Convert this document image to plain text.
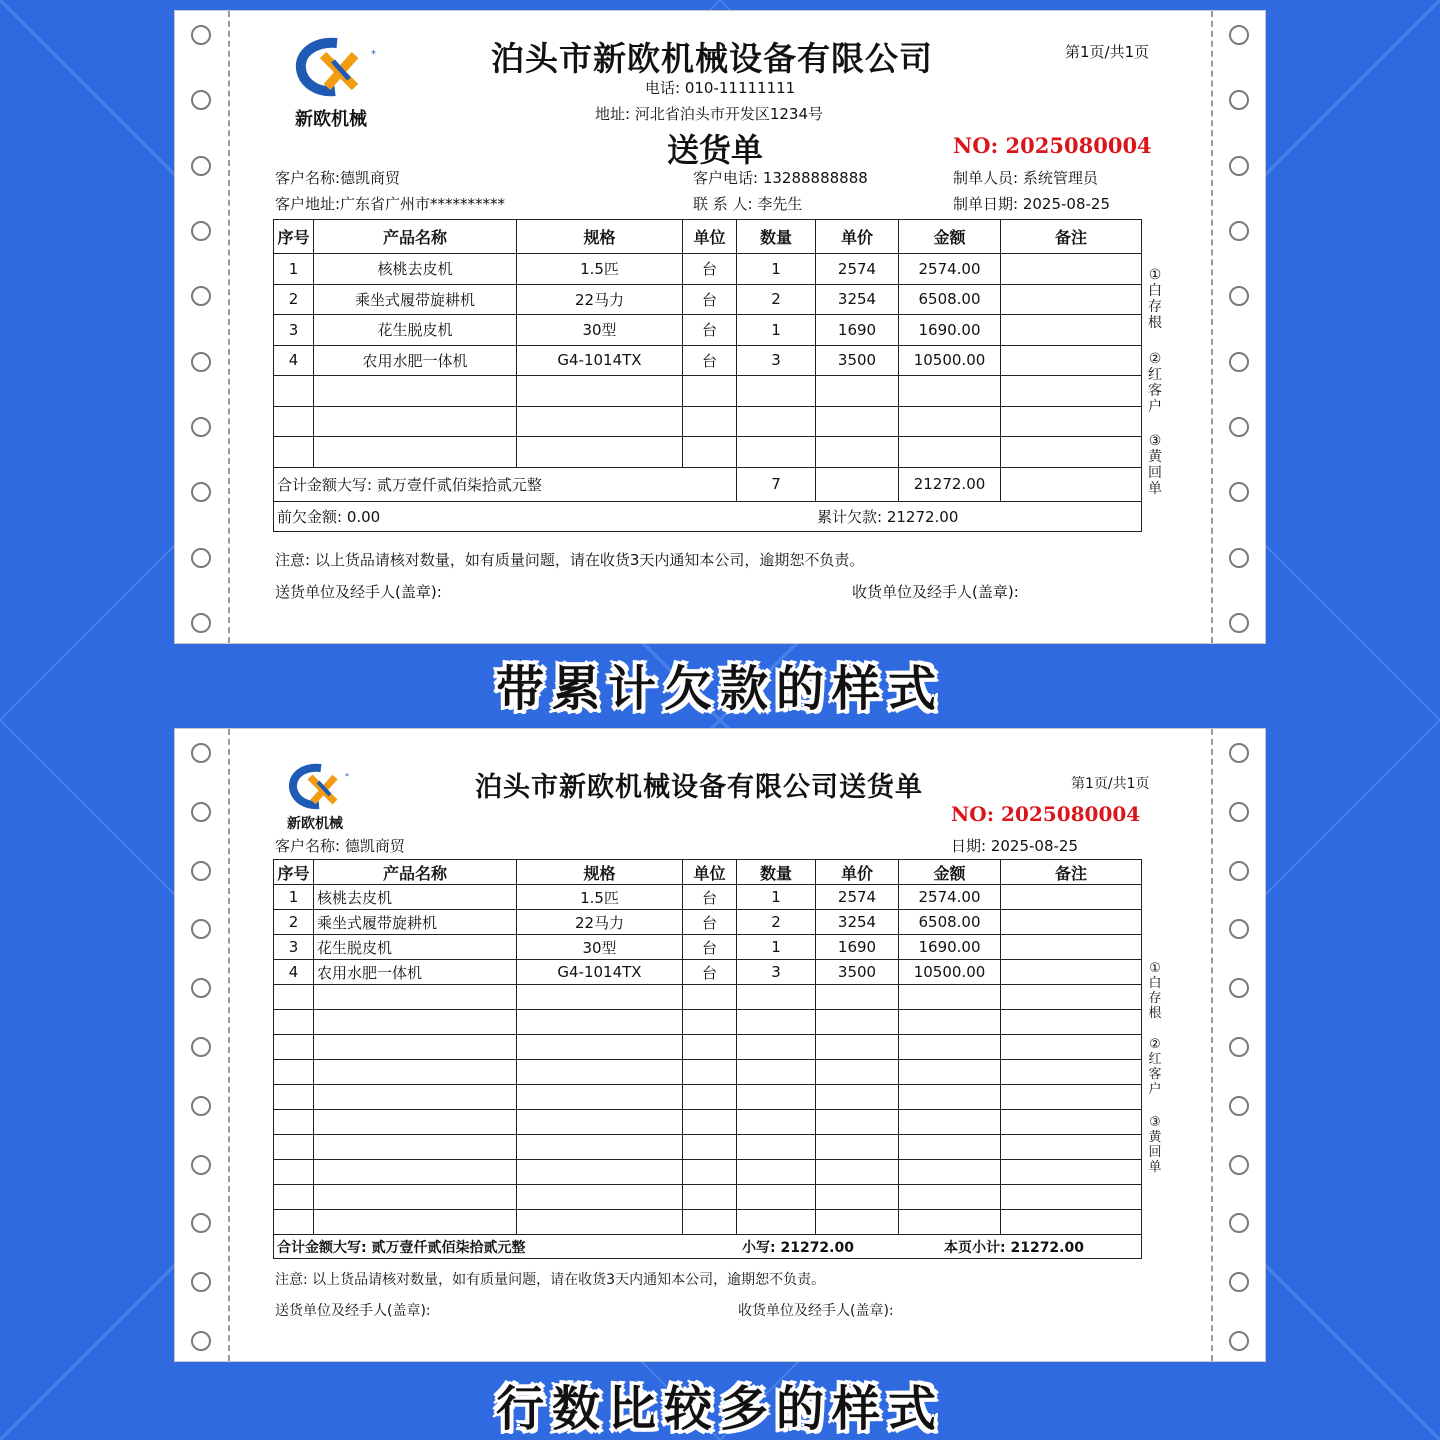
*
新欧机械
泊头市新欧机械设备有限公司	第1页/共1页
电话: 010-11111111
地址: 河北省泊头市开发区1234号
送货单	NO: 2025080004
客户名称:德凯商贸	客户电话: 13288888888	制单人员: 系统管理员
客户地址:广东省广州市**********	联 系 人: 李先生	制单日期: 2025-08-25
序号	产品名称	规格	单位	数量	单价	金额	备注
1	核桃去皮机	1.5匹	台	1	2574	2574.00	
2	乘坐式履带旋耕机	22马力	台	2	3254	6508.00	
3	花生脱皮机	30型	台	1	1690	1690.00	
4	农用水肥一体机	G4-1014TX	台	3	3500	10500.00	

合计金额大写: 贰万壹仟贰佰柒拾贰元整				7		21272.00	
前欠金额: 0.00 累计欠款: 21272.00							
①白存根
②红客户
③黄回单
注意: 以上货品请核对数量，如有质量问题，请在收货3天内通知本公司，逾期恕不负责。
送货单位及经手人(盖章):	收货单位及经手人(盖章):
带累计欠款的样式
*
新欧机械
泊头市新欧机械设备有限公司送货单	第1页/共1页
NO: 2025080004
客户名称: 德凯商贸	日期: 2025-08-25
序号	产品名称	规格	单位	数量	单价	金额	备注
1	核桃去皮机	1.5匹	台	1	2574	2574.00	
2	乘坐式履带旋耕机	22马力	台	2	3254	6508.00	
3	花生脱皮机	30型	台	1	1690	1690.00	
4	农用水肥一体机	G4-1014TX	台	3	3500	10500.00	

合计金额大写: 贰万壹仟贰佰柒拾贰元整 小写: 21272.00 本页小计: 21272.00							
①白存根
②红客户
③黄回单
注意: 以上货品请核对数量，如有质量问题，请在收货3天内通知本公司，逾期恕不负责。
送货单位及经手人(盖章):	收货单位及经手人(盖章):
行数比较多的样式
